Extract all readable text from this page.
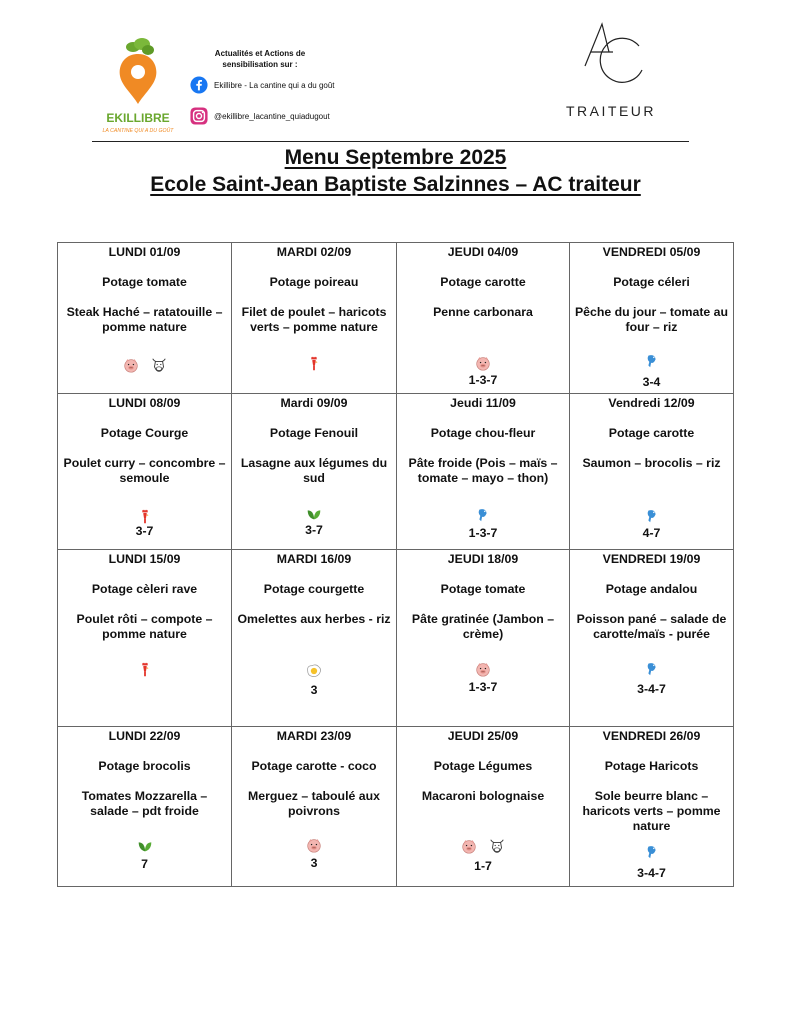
EKILLIBRE
LA CANTINE QUI A DU GOÛT
Actualités et Actions de sensibilisation sur :
Ekillibre - La cantine qui a du goût
@ekillibre_lacantine_quiadugout	TRAITEUR
Menu Septembre 2025
Ecole Saint-Jean Baptiste Salzinnes – AC traiteur
LUNDI 01/09
Potage tomate
Steak Haché – ratatouille – pomme nature	MARDI 02/09
Potage poireau
Filet de poulet – haricots verts – pomme nature	JEUDI 04/09
Potage carotte
Penne carbonara
1-3-7	VENDREDI 05/09
Potage céleri
Pêche du jour – tomate au four – riz
3-4

LUNDI 08/09
Potage Courge
Poulet curry – concombre – semoule
3-7	Mardi 09/09
Potage Fenouil
Lasagne aux légumes du sud
3-7	Jeudi 11/09
Potage chou-fleur
Pâte froide (Pois – maïs – tomate – mayo – thon)
1-3-7	Vendredi 12/09
Potage carotte
Saumon – brocolis – riz
4-7

LUNDI 15/09
Potage cèleri rave
Poulet rôti – compote – pomme nature	MARDI 16/09
Potage courgette
Omelettes aux herbes - riz
3	JEUDI 18/09
Potage tomate
Pâte gratinée (Jambon – crème)
1-3-7	VENDREDI 19/09
Potage andalou
Poisson pané – salade de carotte/maïs - purée
3-4-7

LUNDI 22/09
Potage brocolis
Tomates Mozzarella – salade – pdt froide
7	MARDI 23/09
Potage carotte - coco
Merguez – taboulé aux poivrons
3	JEUDI 25/09
Potage Légumes
Macaroni bolognaise
1-7	VENDREDI 26/09
Potage Haricots
Sole beurre blanc – haricots verts – pomme nature
3-4-7
